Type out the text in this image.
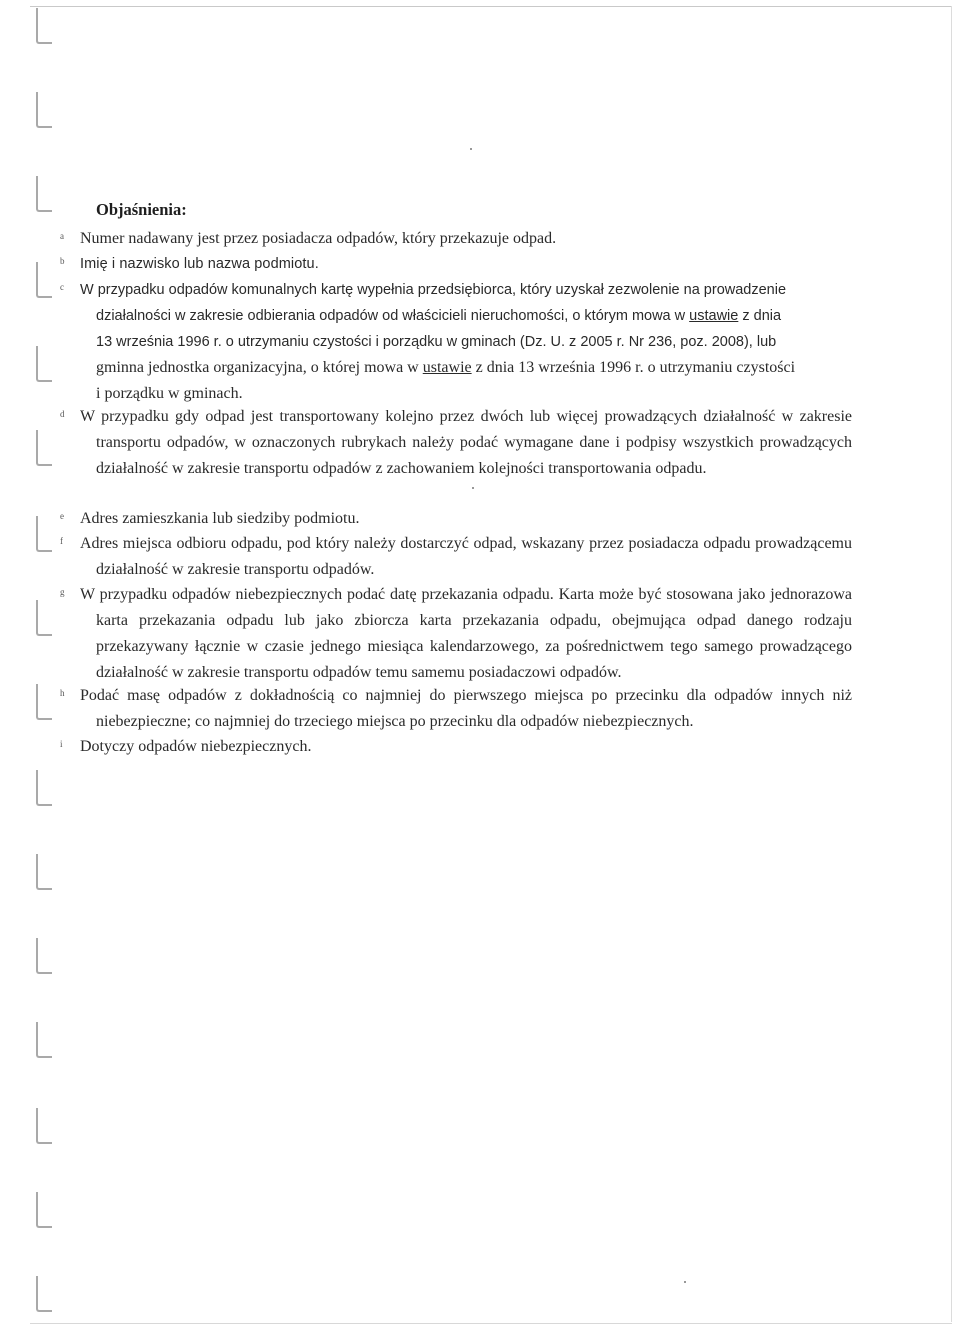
Objaśnienia:
a Numer nadawany jest przez posiadacza odpadów, który przekazuje odpad.
b Imię i nazwisko lub nazwa podmiotu.
c W przypadku odpadów komunalnych kartę wypełnia przedsiębiorca, który uzyskał zezwolenie na prowadzenie
działalności w zakresie odbierania odpadów od właścicieli nieruchomości, o którym mowa w ustawie z dnia
13 września 1996 r. o utrzymaniu czystości i porządku w gminach (Dz. U. z 2005 r. Nr 236, poz. 2008), lub
gminna jednostka organizacyjna, o której mowa w ustawie z dnia 13 września 1996 r. o utrzymaniu czystości
i porządku w gminach.
d W przypadku gdy odpad jest transportowany kolejno przez dwóch lub więcej prowadzących działalność w zakresie transportu odpadów, w oznaczonych rubrykach należy podać wymagane dane i podpisy wszystkich prowadzących działalność w zakresie transportu odpadów z zachowaniem kolejności transportowania odpadu.
e Adres zamieszkania lub siedziby podmiotu.
f Adres miejsca odbioru odpadu, pod który należy dostarczyć odpad, wskazany przez posiadacza odpadu prowadzącemu działalność w zakresie transportu odpadów.
g W przypadku odpadów niebezpiecznych podać datę przekazania odpadu. Karta może być stosowana jako jednorazowa karta przekazania odpadu lub jako zbiorcza karta przekazania odpadu, obejmująca odpad danego rodzaju przekazywany łącznie w czasie jednego miesiąca kalendarzowego, za pośrednictwem tego samego prowadzącego działalność w zakresie transportu odpadów temu samemu posiadaczowi odpadów.
h Podać masę odpadów z dokładnością co najmniej do pierwszego miejsca po przecinku dla odpadów innych niż niebezpieczne; co najmniej do trzeciego miejsca po przecinku dla odpadów niebezpiecznych.
i Dotyczy odpadów niebezpiecznych.
